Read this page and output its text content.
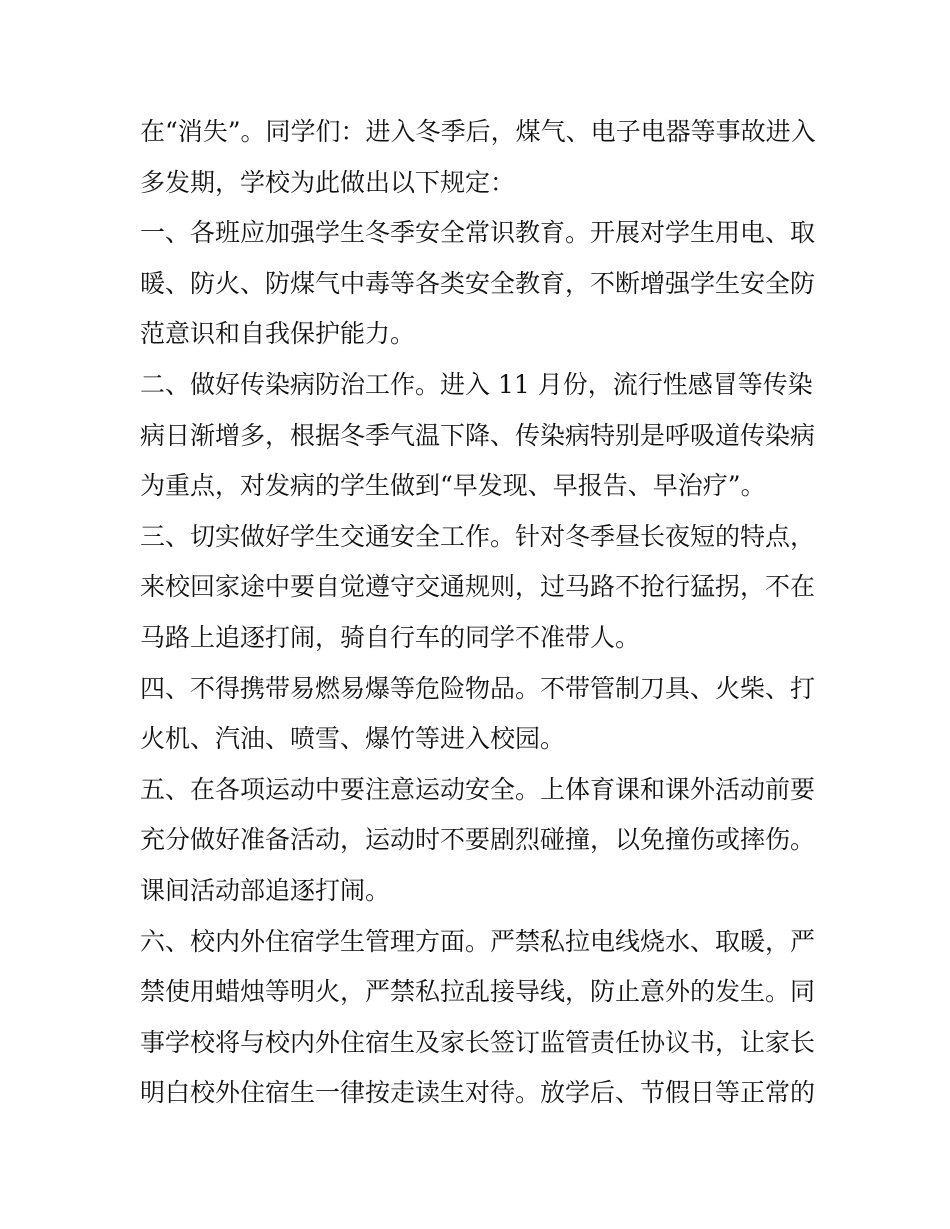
在“消失”。同学们：进入冬季后，煤气、电子电器等事故进入
多发期，学校为此做出以下规定：
一、各班应加强学生冬季安全常识教育。开展对学生用电、取
暖、防火、防煤气中毒等各类安全教育，不断增强学生安全防
范意识和自我保护能力。
二、做好传染病防治工作。进入 11 月份，流行性感冒等传染
病日渐增多，根据冬季气温下降、传染病特别是呼吸道传染病
为重点，对发病的学生做到“早发现、早报告、早治疗”。
三、切实做好学生交通安全工作。针对冬季昼长夜短的特点，
来校回家途中要自觉遵守交通规则，过马路不抢行猛拐，不在
马路上追逐打闹，骑自行车的同学不准带人。
四、不得携带易燃易爆等危险物品。不带管制刀具、火柴、打
火机、汽油、喷雪、爆竹等进入校园。
五、在各项运动中要注意运动安全。上体育课和课外活动前要
充分做好准备活动，运动时不要剧烈碰撞，以免撞伤或摔伤。
课间活动部追逐打闹。
六、校内外住宿学生管理方面。严禁私拉电线烧水、取暖，严
禁使用蜡烛等明火，严禁私拉乱接导线，防止意外的发生。同
事学校将与校内外住宿生及家长签订监管责任协议书，让家长
明白校外住宿生一律按走读生对待。放学后、节假日等正常的
